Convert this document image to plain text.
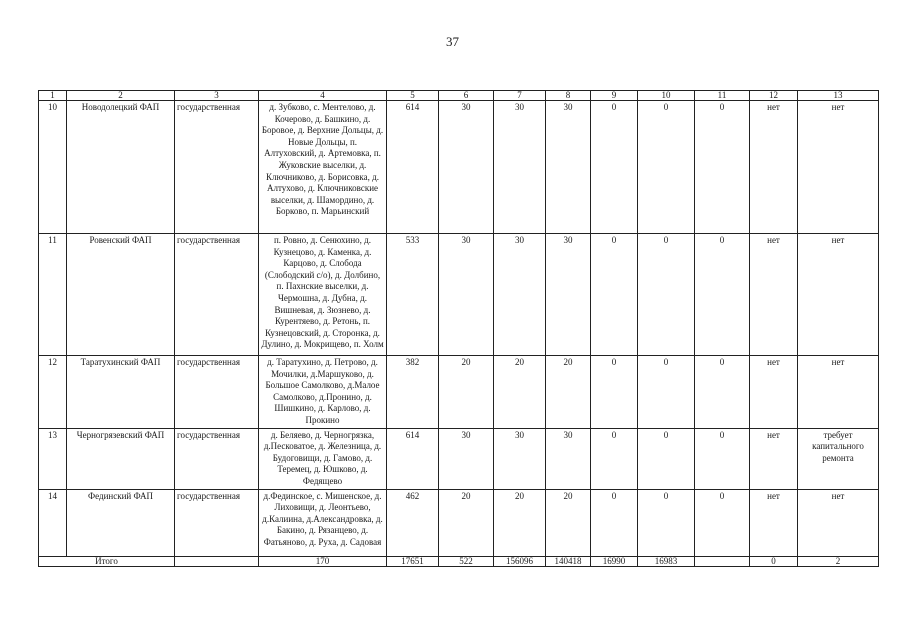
37
1	2	3	4	5	6	7	8	9	10	11	12	13
10	Новодолецкий ФАП	государственная	д. Зубково, с. Ментелово, д. Кочерово, д. Башкино, д. Боровое, д. Верхние Дольцы, д. Новые Дольцы, п. Алтуховский, д. Артемовка, п. Жуковские выселки, д. Ключниково, д. Борисовка, д. Алтухово, д. Ключниковские выселки, д. Шамордино, д. Борково, п. Марьинский	614	30	30	30	0	0	0	нет	нет
11	Ровенский ФАП	государственная	п. Ровно, д. Сенюхино, д. Кузнецово, д. Каменка, д. Карцово, д. Слобода (Слободский с/о), д. Долбино, п. Пахнские выселки, д. Чермошна, д. Дубна, д. Вишневая, д. Зюзнево, д. Курентяево, д. Ретонь, п. Кузнецовский, д. Сторонка, д. Дулино, д. Мокрищево, п. Холм	533	30	30	30	0	0	0	нет	нет
12	Таратухинский ФАП	государственная	д. Таратухино, д. Петрово, д. Мочилки, д.Маршуково, д. Большое Самолково, д.Малое Самолково, д.Пронино, д. Шишкино, д. Карлово, д. Прокино	382	20	20	20	0	0	0	нет	нет
13	Черногрязевский ФАП	государственная	д. Беляево, д. Черногрязка, д.Песковатое, д. Железница, д. Будоговищи, д. Гамово, д. Теремец, д. Юшково, д. Федящево	614	30	30	30	0	0	0	нет	требует капитального ремонта
14	Фединский ФАП	государственная	д.Фединское, с. Мишенское, д. Лиховищи, д. Леонтьево, д.Калиина, д.Александровка, д. Бакино, д. Рязанцево, д. Фатьяново, д. Руха, д. Садовая	462	20	20	20	0	0	0	нет	нет
Итого			170	17651	522	156096	140418	16990	16983		0	2
